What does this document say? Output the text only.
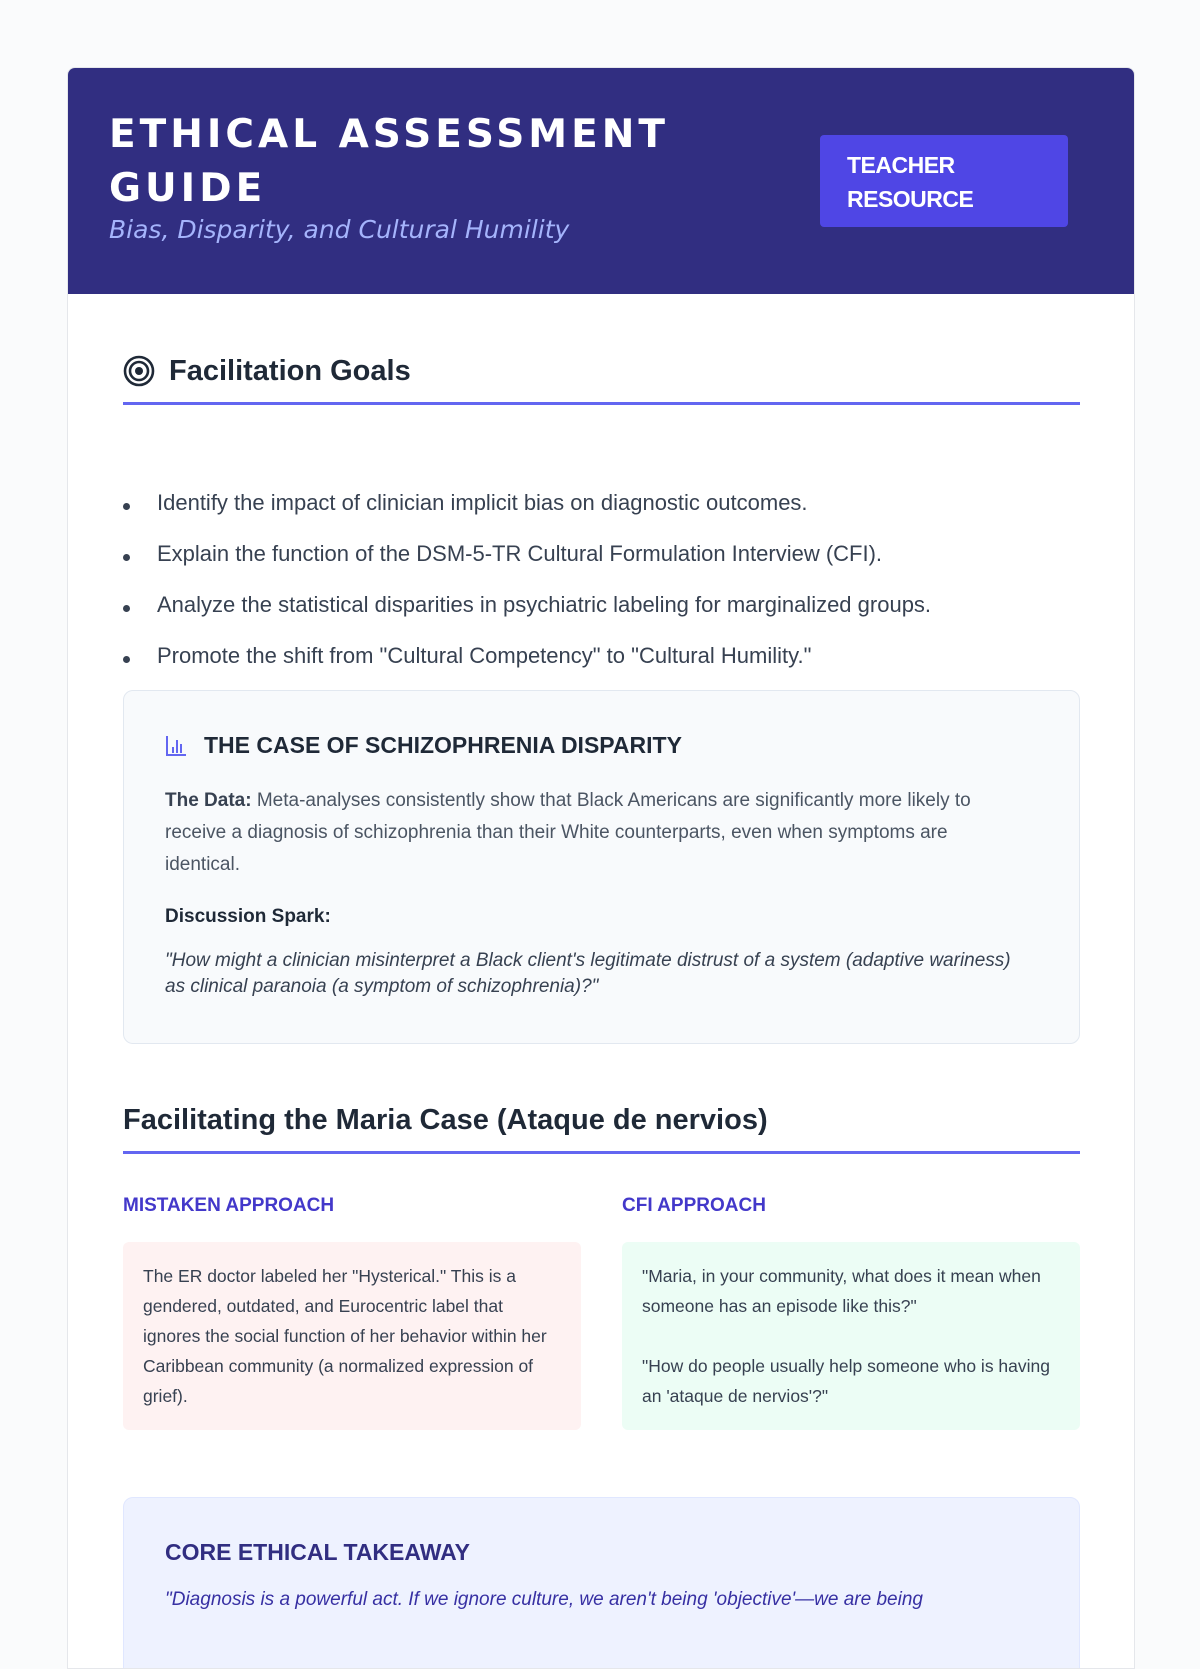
ETHICAL ASSESSMENT GUIDE

Bias, Disparity, and Cultural Humility

TEACHER RESOURCE
Facilitation Goals
Identify the impact of clinician implicit bias on diagnostic outcomes.
Explain the function of the DSM-5-TR Cultural Formulation Interview (CFI).
Analyze the statistical disparities in psychiatric labeling for marginalized groups.
Promote the shift from "Cultural Competency" to "Cultural Humility."
THE CASE OF SCHIZOPHRENIA DISPARITY

The Data: Meta-analyses consistently show that Black Americans are significantly more likely to receive a diagnosis of schizophrenia than their White counterparts, even when symptoms are identical.

Discussion Spark:

"How might a clinician misinterpret a Black client's legitimate distrust of a system (adaptive wariness) as clinical paranoia (a symptom of schizophrenia)?"

Facilitating the Maria Case (Ataque de nervios)

MISTAKEN APPROACH	CFI APPROACH

The ER doctor labeled her "Hysterical." This is a gendered, outdated, and Eurocentric label that ignores the social function of her behavior within her Caribbean community (a normalized expression of grief).

"Maria, in your community, what does it mean when someone has an episode like this?"

"How do people usually help someone who is having an 'ataque de nervios'?"

CORE ETHICAL TAKEAWAY

"Diagnosis is a powerful act. If we ignore culture, we aren't being 'objective'—we are being
